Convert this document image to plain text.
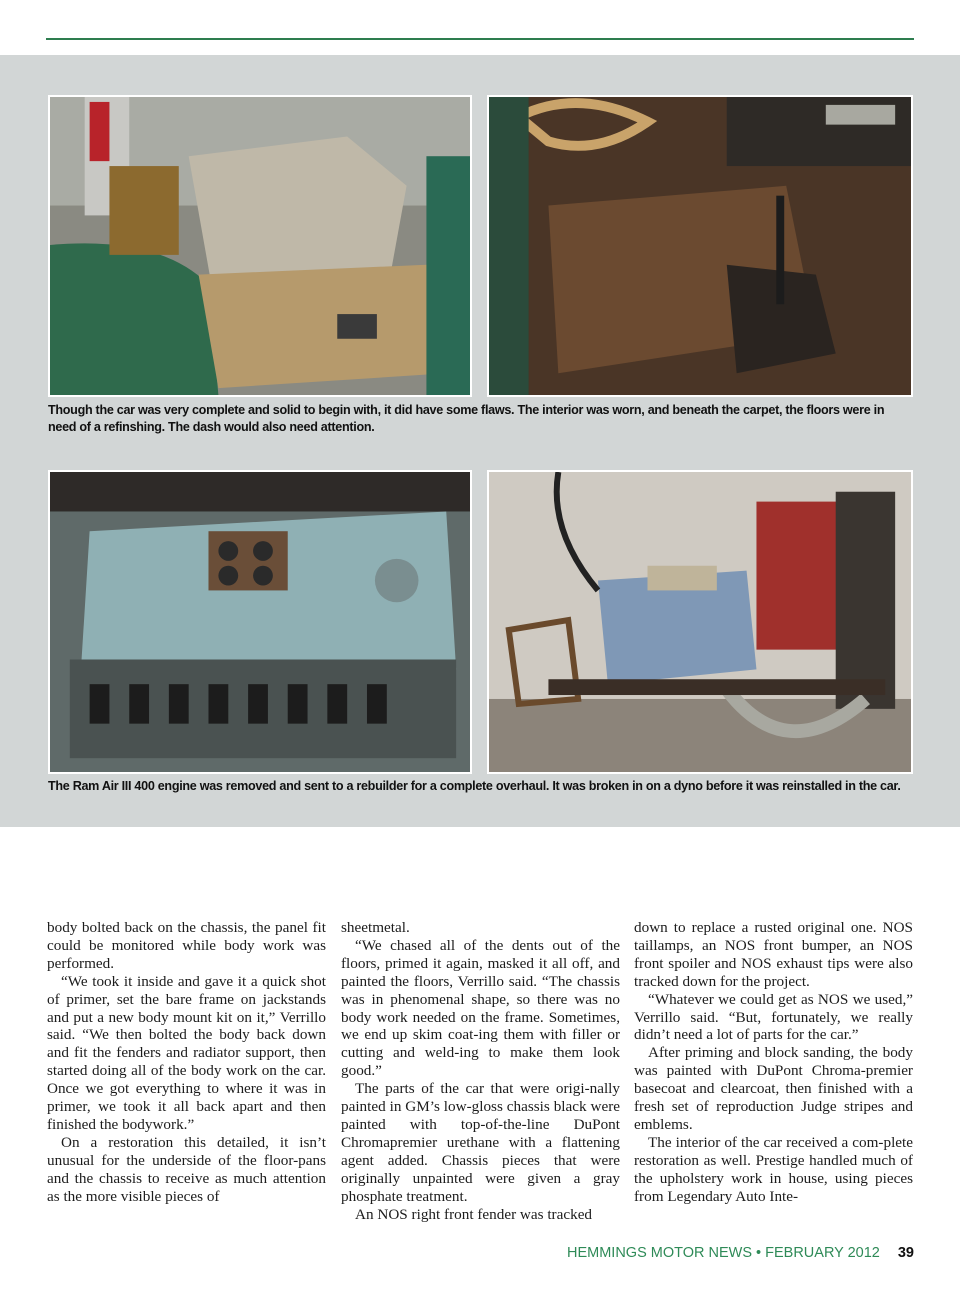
Though the car was very complete and solid to begin with, it did have some flaws. The interior was worn, and beneath the carpet, the floors were in need of a refinshing. The dash would also need attention.

The Ram Air III 400 engine was removed and sent to a rebuilder for a complete overhaul. It was broken in on a dyno before it was reinstalled in the car.

body bolted back on the chassis, the panel fit could be monitored while body work was performed.

“We took it inside and gave it a quick shot of primer, set the bare frame on jackstands and put a new body mount kit on it,” Verrillo said. “We then bolted the body back down and fit the fenders and radiator support, then started doing all of the body work on the car. Once we got everything to where it was in primer, we took it all back apart and then finished the bodywork.”

On a restoration this detailed, it isn’t unusual for the underside of the floor-pans and the chassis to receive as much attention as the more visible pieces of

sheetmetal.

“We chased all of the dents out of the floors, primed it again, masked it all off, and painted the floors, Verrillo said. “The chassis was in phenomenal shape, so there was no body work needed on the frame. Sometimes, we end up skim coat-ing them with filler or cutting and weld-ing to make them look good.”

The parts of the car that were origi-nally painted in GM’s low-gloss chassis black were painted with top-of-the-line DuPont Chromapremier urethane with a flattening agent added. Chassis pieces that were originally unpainted were given a gray phosphate treatment.

An NOS right front fender was tracked

down to replace a rusted original one. NOS taillamps, an NOS front bumper, an NOS front spoiler and NOS exhaust tips were also tracked down for the project.

“Whatever we could get as NOS we used,” Verrillo said. “But, fortunately, we really didn’t need a lot of parts for the car.”

After priming and block sanding, the body was painted with DuPont Chroma-premier basecoat and clearcoat, then finished with a fresh set of reproduction Judge stripes and emblems.

The interior of the car received a com-plete restoration as well. Prestige handled much of the upholstery work in house, using pieces from Legendary Auto Inte-

HEMMINGS MOTOR NEWS • FEBRUARY 2012 39
